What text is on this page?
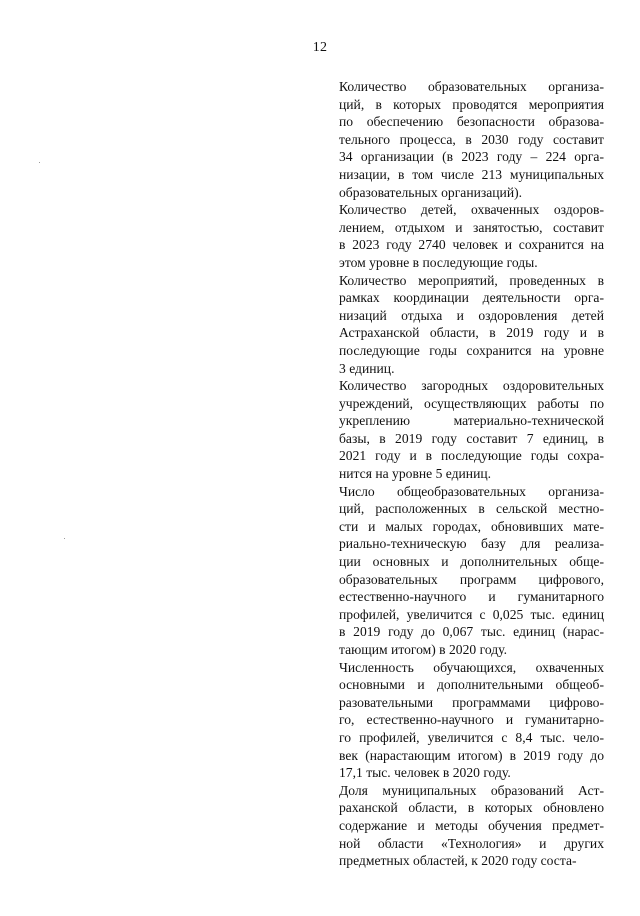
12
Количество образовательных организа-
ций, в которых проводятся мероприятия
по обеспечению безопасности образова-
тельного процесса, в 2030 году составит
34 организации (в 2023 году – 224 орга-
низации, в том числе 213 муниципальных
образовательных организаций).
Количество детей, охваченных оздоров-
лением, отдыхом и занятостью, составит
в 2023 году 2740 человек и сохранится на
этом уровне в последующие годы.
Количество мероприятий, проведенных в
рамках координации деятельности орга-
низаций отдыха и оздоровления детей
Астраханской области, в 2019 году и в
последующие годы сохранится на уровне
3 единиц.
Количество загородных оздоровительных
учреждений, осуществляющих работы по
укреплению материально-технической
базы, в 2019 году составит 7 единиц, в
2021 году и в последующие годы сохра-
нится на уровне 5 единиц.
Число общеобразовательных организа-
ций, расположенных в сельской местно-
сти и малых городах, обновивших мате-
риально-техническую базу для реализа-
ции основных и дополнительных обще-
образовательных программ цифрового,
естественно-научного и гуманитарного
профилей, увеличится с 0,025 тыс. единиц
в 2019 году до 0,067 тыс. единиц (нарас-
тающим итогом) в 2020 году.
Численность обучающихся, охваченных
основными и дополнительными общеоб-
разовательными программами цифрово-
го, естественно-научного и гуманитарно-
го профилей, увеличится с 8,4 тыс. чело-
век (нарастающим итогом) в 2019 году до
17,1 тыс. человек в 2020 году.
Доля муниципальных образований Аст-
раханской области, в которых обновлено
содержание и методы обучения предмет-
ной области «Технология» и других
предметных областей, к 2020 году соста-
